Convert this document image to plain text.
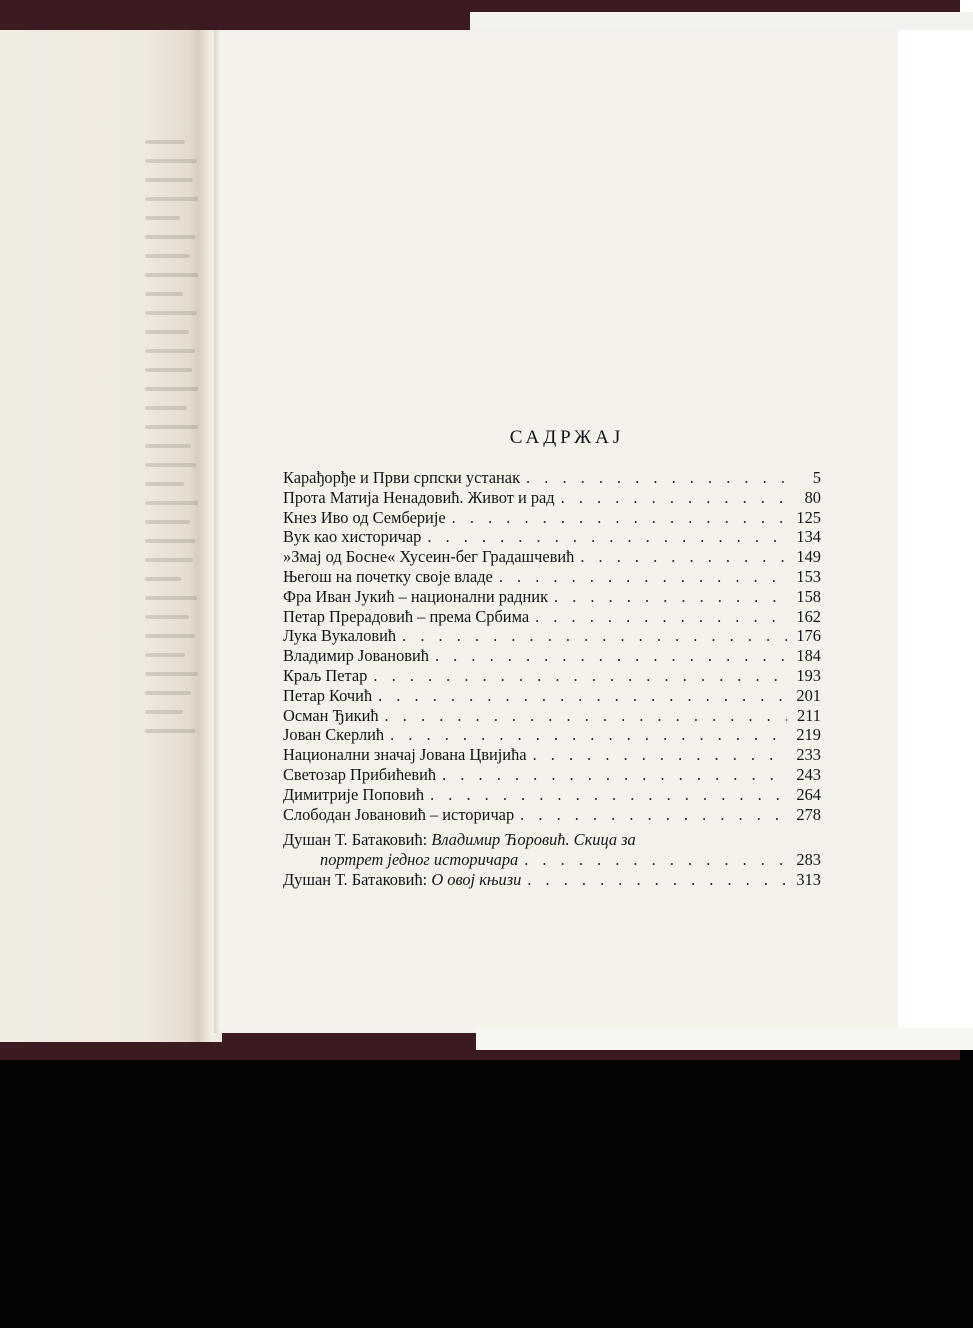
САДРЖАЈ
Карађорђе и Први српски устанак . . .	5
Прота Матија Ненадовић. Живот и рад . . .	80
Кнез Иво од Семберије . . .	125
Вук као хисторичар . . .	134
»Змај од Босне« Хусеин-бег Градашчевић . . .	149
Његош на почетку своје владе . . .	153
Фра Иван Јукић – национални радник . . .	158
Петар Прерадовић – према Србима . . .	162
Лука Вукаловић . . .	176
Владимир Јовановић . . .	184
Краљ Петар . . .	193
Петар Кочић . . .	201
Осман Ђикић . . .	211
Јован Скерлић . . .	219
Национални значај Јована Цвијића . . .	233
Светозар Прибићевић . . .	243
Димитрије Поповић . . .	264
Слободан Јовановић – историчар . . .	278
Душан Т. Батаковић:
Владимир Ћоровић. Скица за
портрет једног историчара . . .	283
Душан Т. Батаковић:
О овој књизи . . .	313
